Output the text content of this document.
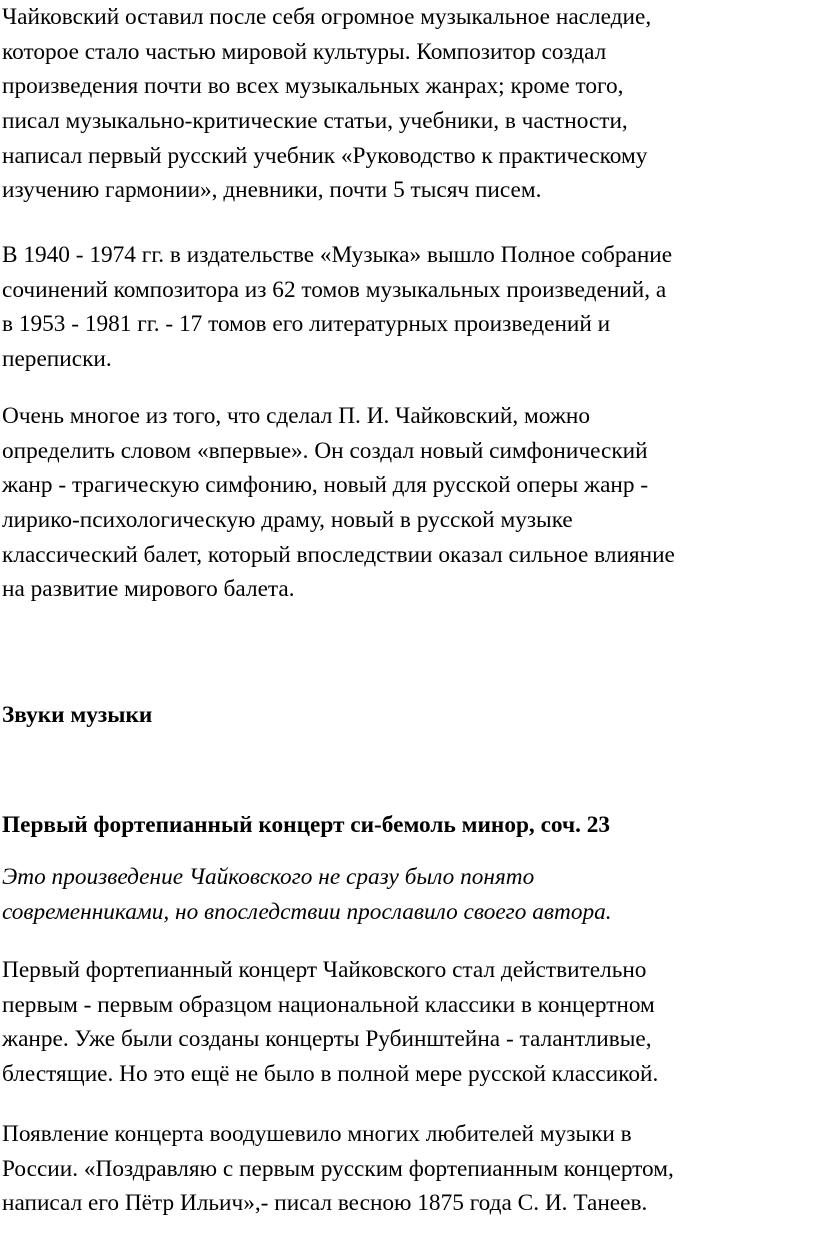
Чайковский оставил после себя огромное музыкальное наследие,
которое стало частью мировой культуры. Композитор создал
произведения почти во всех музыкальных жанрах; кроме того,
писал музыкально-критические статьи, учебники, в частности,
написал первый русский учебник «Руководство к практическому
изучению гармонии», дневники, почти 5 тысяч писем.
В 1940 - 1974 гг. в издательстве «Музыка» вышло Полное собрание
сочинений композитора из 62 томов музыкальных произведений, а
в 1953 - 1981 гг. - 17 томов его литературных произведений и
переписки.
Очень многое из того, что сделал П. И. Чайковский, можно
определить словом «впервые». Он создал новый симфонический
жанр - трагическую симфонию, новый для русской оперы жанр -
лирико-психологическую драму, новый в русской музыке
классический балет, который впоследствии оказал сильное влияние
на развитие мирового балета.
Звуки музыки
Первый фортепианный концерт си-бемоль минор, соч. 23
Это произведение Чайковского не сразу было понято
современниками, но впоследствии прославило своего автора.
Первый фортепианный концерт Чайковского стал действительно
первым - первым образцом национальной классики в концертном
жанре. Уже были созданы концерты Рубинштейна - талантливые,
блестящие. Но это ещё не было в полной мере русской классикой.
Появление концерта воодушевило многих любителей музыки в
России. «Поздравляю с первым русским фортепианным концертом,
написал его Пётр Ильич»,- писал весною 1875 года С. И. Танеев.
